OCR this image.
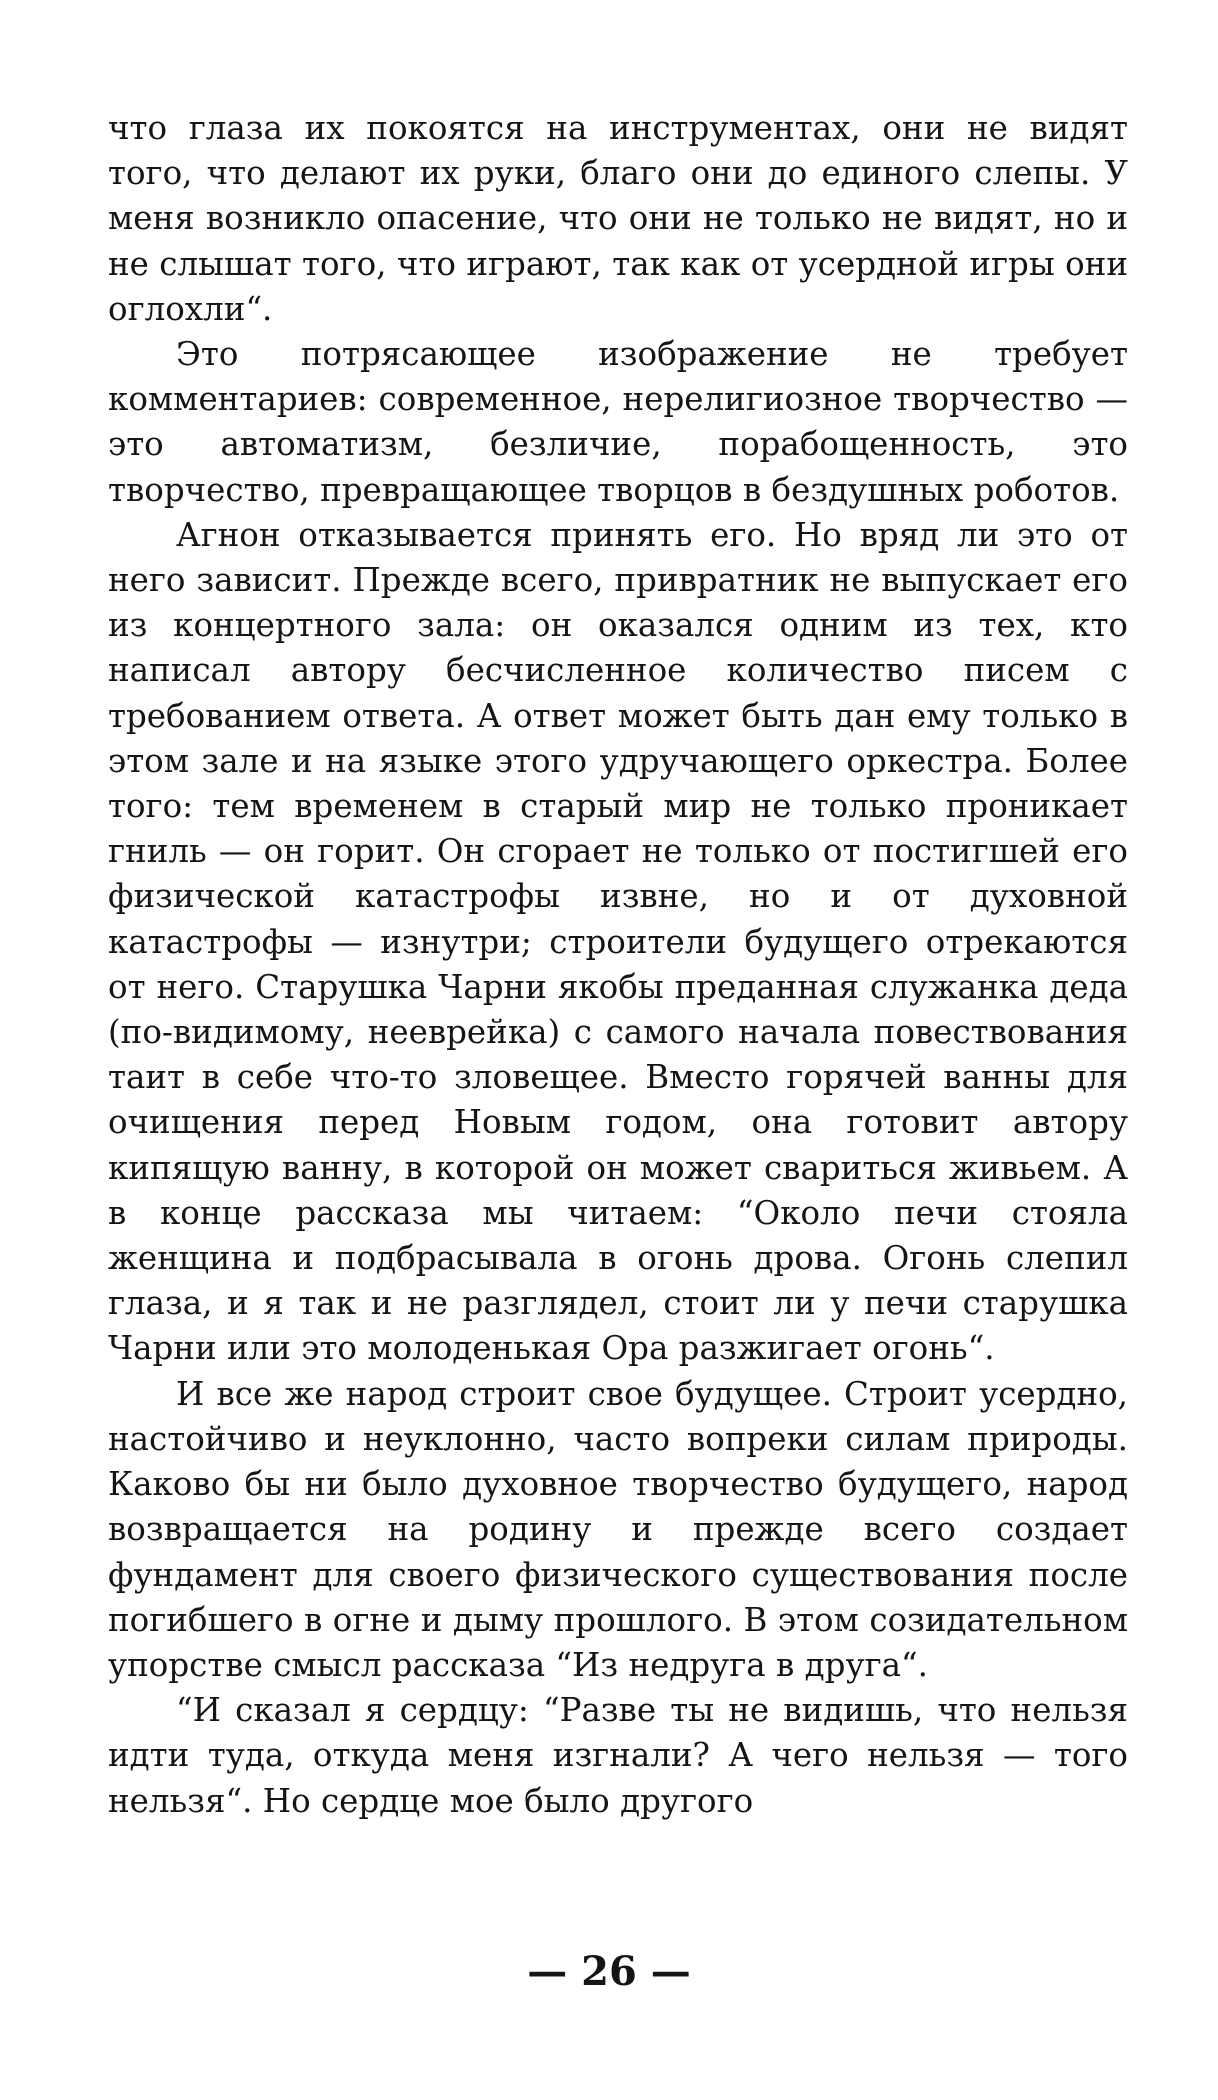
что глаза их покоятся на инструментах, они не видят того, что делают их руки, благо они до единого слепы. У меня возникло опасение, что они не только не видят, но и не слышат того, что играют, так как от усердной игры они оглохли“.

Это потрясающее изображение не требует комментариев: современное, нерелигиозное творчество — это автоматизм, безличие, порабощенность, это творчество, превращающее творцов в бездушных роботов.

Агнон отказывается принять его. Но вряд ли это от него зависит. Прежде всего, привратник не выпускает его из концертного зала: он оказался одним из тех, кто написал автору бесчисленное количество писем с требованием ответа. А ответ может быть дан ему только в этом зале и на языке этого удручающего оркестра. Более того: тем временем в старый мир не только проникает гниль — он горит. Он сгорает не только от постигшей его физической катастрофы извне, но и от духовной катастрофы — изнутри; строители будущего отрекаются от него. Старушка Чарни якобы преданная служанка деда (по-видимому, нееврейка) с самого начала повествования таит в себе что-то зловещее. Вместо горячей ванны для очищения перед Новым годом, она готовит автору кипящую ванну, в которой он может свариться живьем. А в конце рассказа мы читаем: “Около печи стояла женщина и подбрасывала в огонь дрова. Огонь слепил глаза, и я так и не разглядел, стоит ли у печи старушка Чарни или это молоденькая Ора разжигает огонь“.

И все же народ строит свое будущее. Строит усердно, настойчиво и неуклонно, часто вопреки силам природы. Каково бы ни было духовное творчество будущего, народ возвращается на родину и прежде всего создает фундамент для своего физического существования после погибшего в огне и дыму прошлого. В этом созидательном упорстве смысл рассказа “Из недруга в друга“.

“И сказал я сердцу: “Разве ты не видишь, что нельзя идти туда, откуда меня изгнали? А чего нельзя — того нельзя“. Но сердце мое было другого

— 26 —
